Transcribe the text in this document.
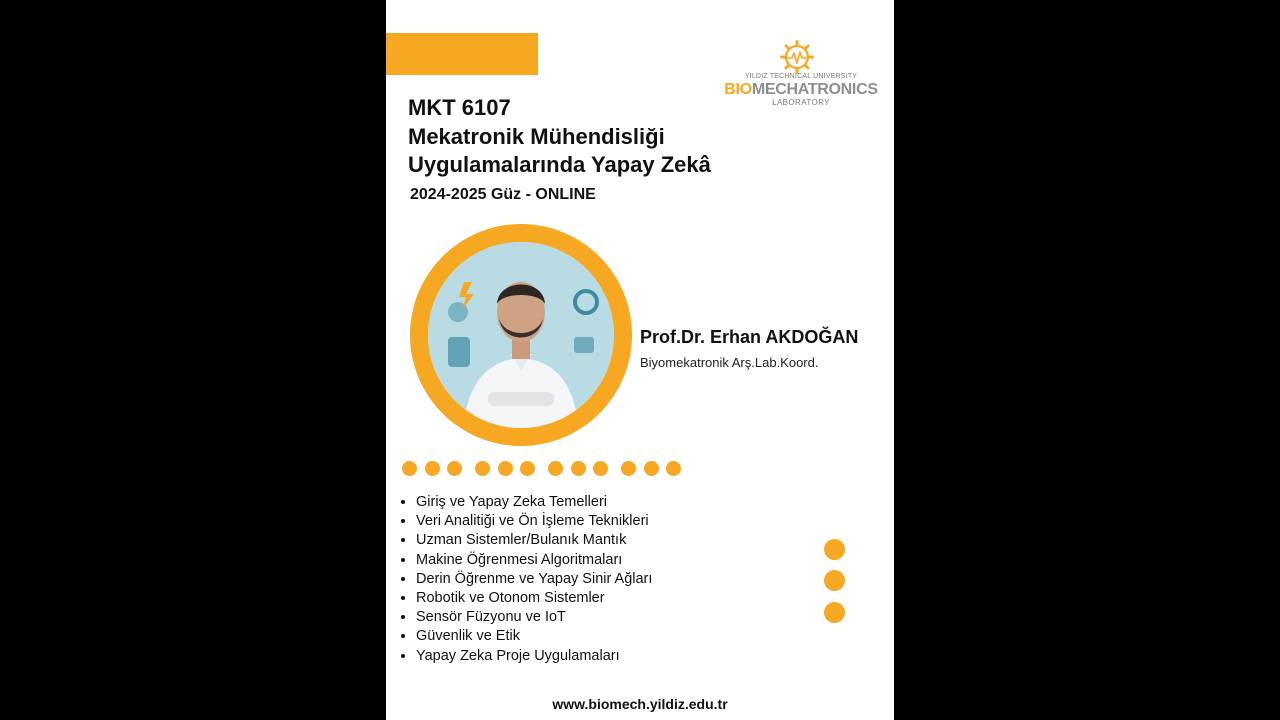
YILDIZ TECHNICAL UNIVERSITY
BIOMECHATRONICS
LABORATORY
MKT 6107
Mekatronik Mühendisliği
Uygulamalarında Yapay Zekâ
2024-2025 Güz - ONLINE
Prof.Dr. Erhan AKDOĞAN
Biyomekatronik Arş.Lab.Koord.
• Giriş ve Yapay Zeka Temelleri
• Veri Analitiği ve Ön İşleme Teknikleri
• Uzman Sistemler/Bulanık Mantık
• Makine Öğrenmesi Algoritmaları
• Derin Öğrenme ve Yapay Sinir Ağları
• Robotik ve Otonom Sistemler
• Sensör Füzyonu ve IoT
• Güvenlik ve Etik
• Yapay Zeka Proje Uygulamaları
www.biomech.yildiz.edu.tr
